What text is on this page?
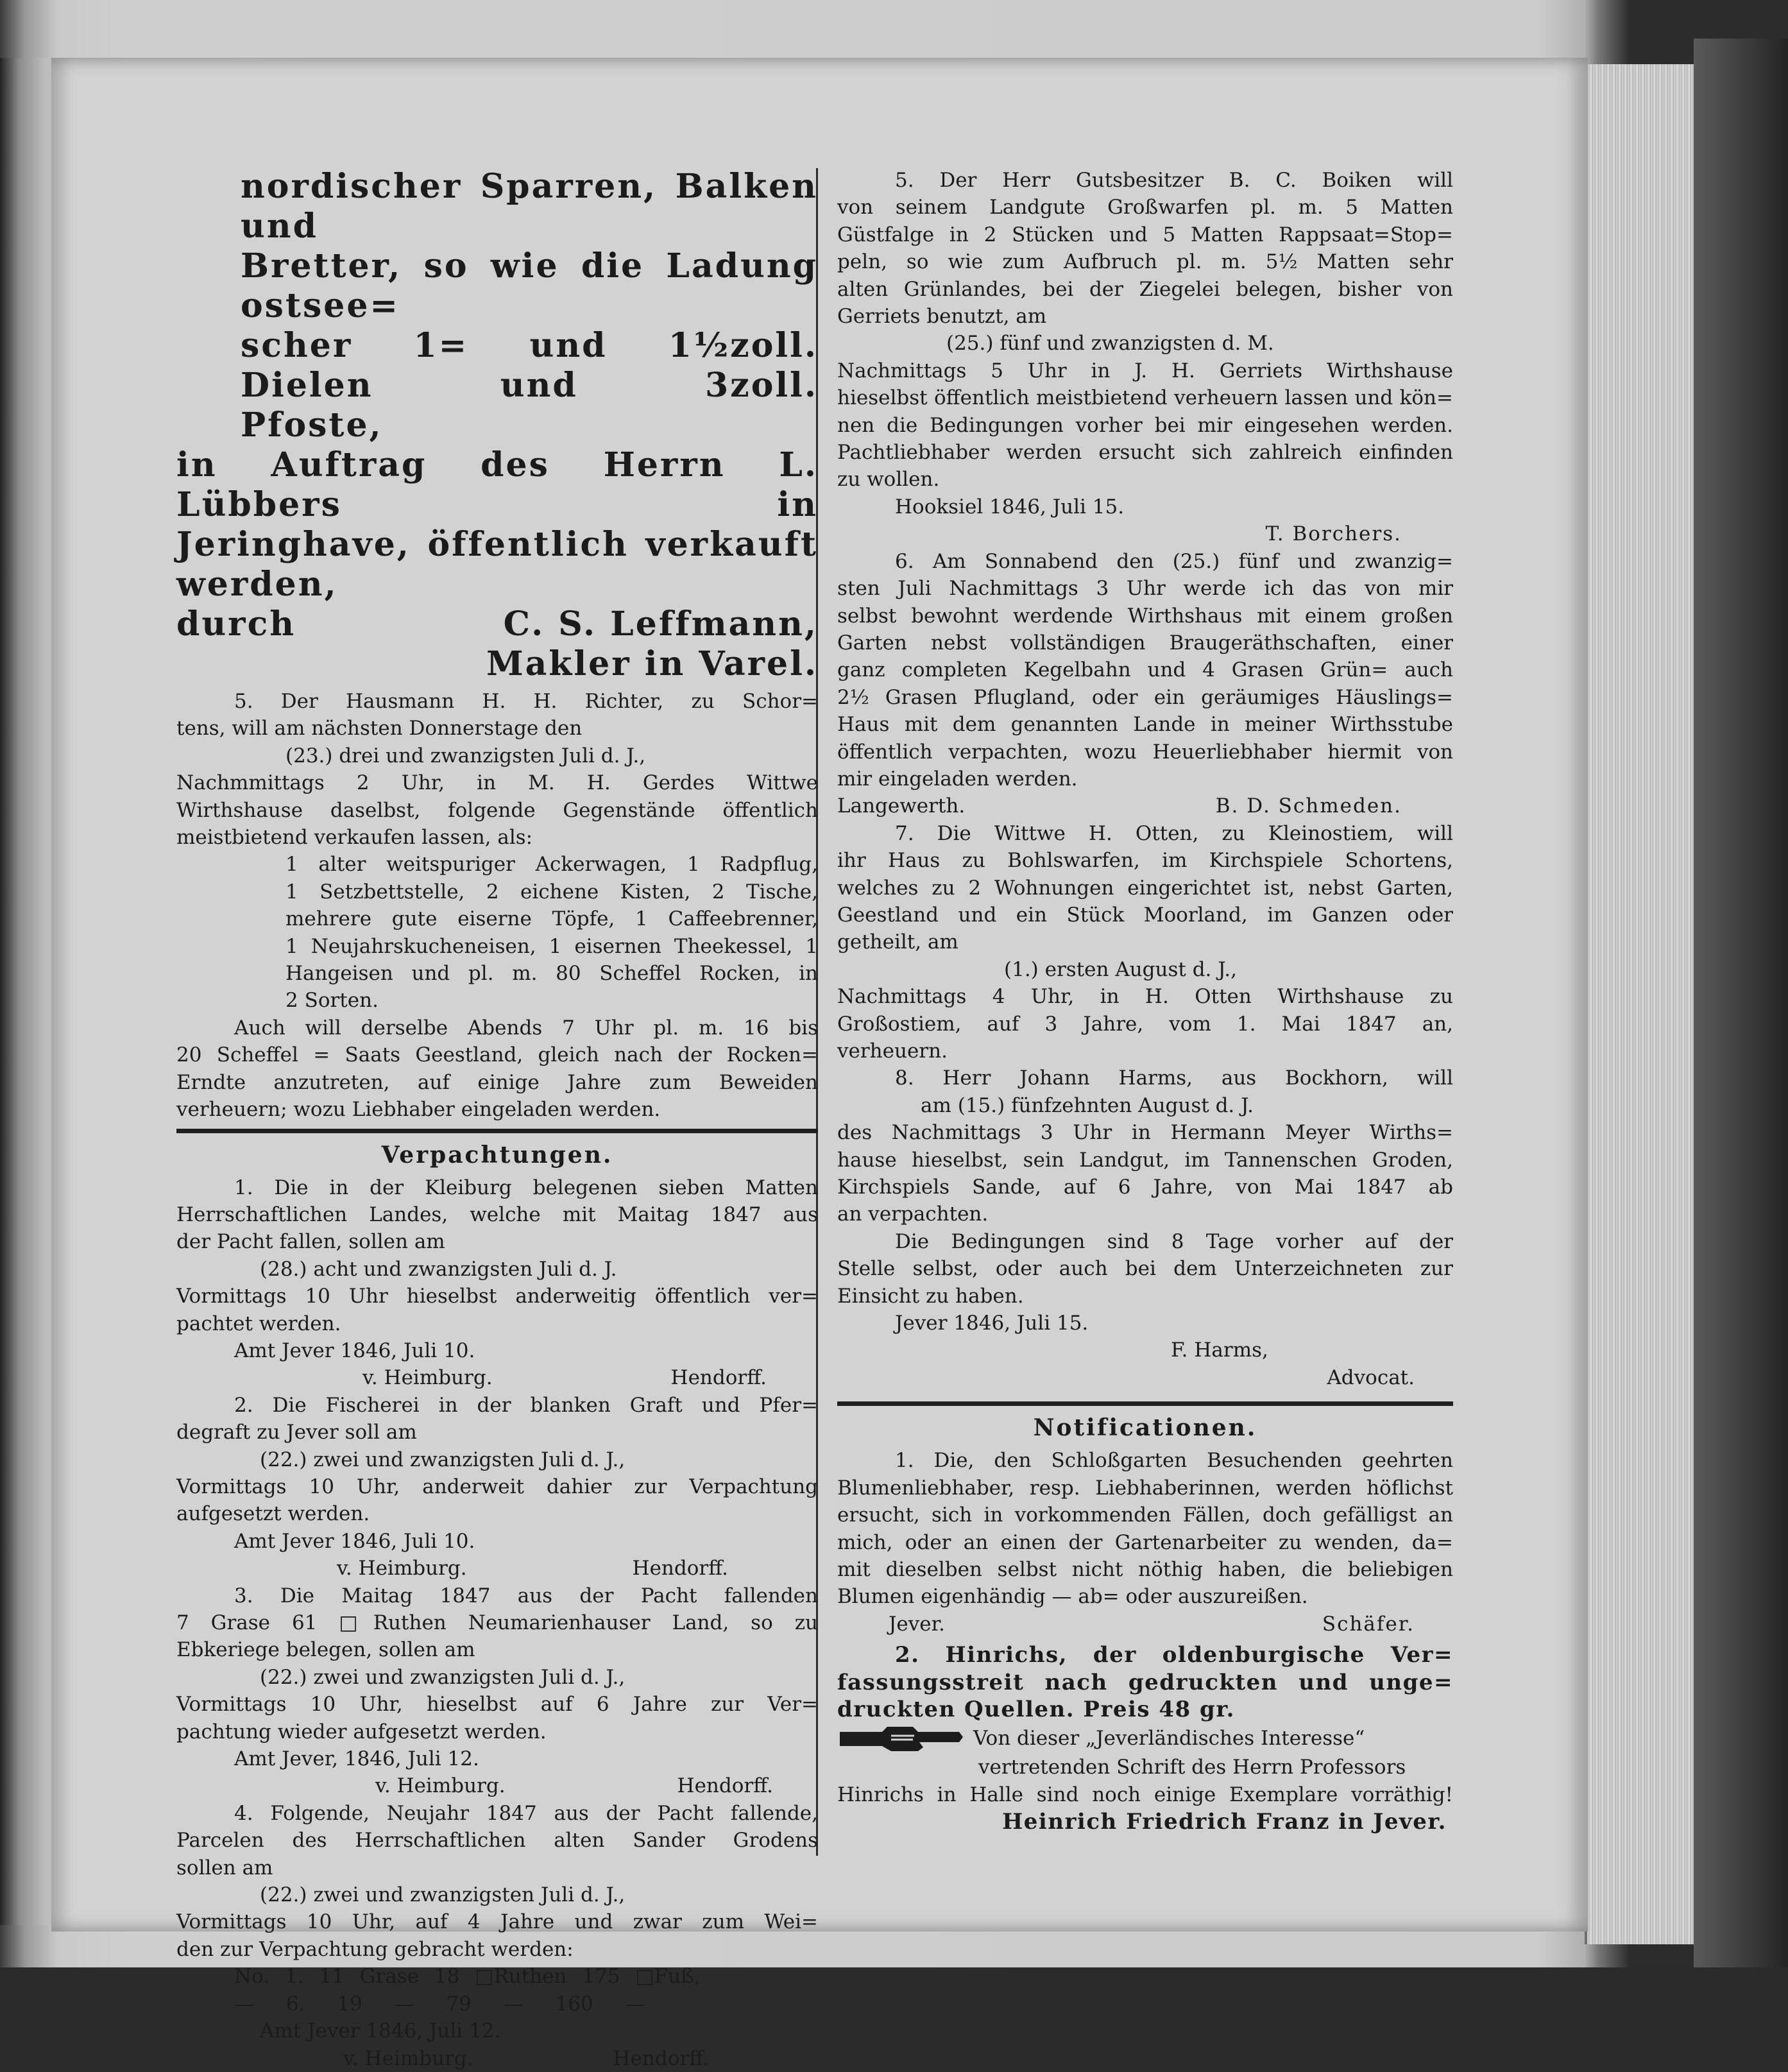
nordischer Sparren, Balken und
Bretter, so wie die Ladung ostsee=
scher 1= und 1½zoll. Dielen und 3zoll.
Pfoste,
in Auftrag des Herrn L. Lübbers in
Jeringhave, öffentlich verkauft werden,
durch	C. S. Leffmann,
Makler in Varel.
5. Der Hausmann H. H. Richter, zu Schor=
tens, will am nächsten Donnerstage den
(23.) drei und zwanzigsten Juli d. J.,
Nachmmittags 2 Uhr, in M. H. Gerdes Wittwe
Wirthshause daselbst, folgende Gegenstände öffentlich
meistbietend verkaufen lassen, als:
1 alter weitspuriger Ackerwagen, 1 Radpflug,
1 Setzbettstelle, 2 eichene Kisten, 2 Tische,
mehrere gute eiserne Töpfe, 1 Caffeebrenner,
1 Neujahrskucheneisen, 1 eisernen Theekessel, 1
Hangeisen und pl. m. 80 Scheffel Rocken, in
2 Sorten.
Auch will derselbe Abends 7 Uhr pl. m. 16 bis
20 Scheffel = Saats Geestland, gleich nach der Rocken=
Erndte anzutreten, auf einige Jahre zum Beweiden
verheuern; wozu Liebhaber eingeladen werden.
Verpachtungen.
1. Die in der Kleiburg belegenen sieben Matten
Herrschaftlichen Landes, welche mit Maitag 1847 aus
der Pacht fallen, sollen am
(28.) acht und zwanzigsten Juli d. J.
Vormittags 10 Uhr hieselbst anderweitig öffentlich ver=
pachtet werden.
Amt Jever 1846, Juli 10.
v. Heimburg.	Hendorff.
2. Die Fischerei in der blanken Graft und Pfer=
degraft zu Jever soll am
(22.) zwei und zwanzigsten Juli d. J.,
Vormittags 10 Uhr, anderweit dahier zur Verpachtung
aufgesetzt werden.
Amt Jever 1846, Juli 10.
v. Heimburg.	Hendorff.
3. Die Maitag 1847 aus der Pacht fallenden
7 Grase 61 □Ruthen Neumarienhauser Land, so zu
Ebkeriege belegen, sollen am
(22.) zwei und zwanzigsten Juli d. J.,
Vormittags 10 Uhr, hieselbst auf 6 Jahre zur Ver=
pachtung wieder aufgesetzt werden.
Amt Jever, 1846, Juli 12.
v. Heimburg.	Hendorff.
4. Folgende, Neujahr 1847 aus der Pacht fallende,
Parcelen des Herrschaftlichen alten Sander Grodens
sollen am
(22.) zwei und zwanzigsten Juli d. J.,
Vormittags 10 Uhr, auf 4 Jahre und zwar zum Wei=
den zur Verpachtung gebracht werden:
No. 1. 11 Grase 18 □Ruthen 175 □Fuß,
— 6. 19 — 79 — 160 —
Amt Jever 1846, Juli 12.
v. Heimburg.	Hendorff.
5. Der Herr Gutsbesitzer B. C. Boiken will
von seinem Landgute Großwarfen pl. m. 5 Matten
Güstfalge in 2 Stücken und 5 Matten Rappsaat=Stop=
peln, so wie zum Aufbruch pl. m. 5½ Matten sehr
alten Grünlandes, bei der Ziegelei belegen, bisher von
Gerriets benutzt, am
(25.) fünf und zwanzigsten d. M.
Nachmittags 5 Uhr in J. H. Gerriets Wirthshause
hieselbst öffentlich meistbietend verheuern lassen und kön=
nen die Bedingungen vorher bei mir eingesehen werden.
Pachtliebhaber werden ersucht sich zahlreich einfinden
zu wollen.
Hooksiel 1846, Juli 15.
T. Borchers.
6. Am Sonnabend den (25.) fünf und zwanzig=
sten Juli Nachmittags 3 Uhr werde ich das von mir
selbst bewohnt werdende Wirthshaus mit einem großen
Garten nebst vollständigen Braugeräthschaften, einer
ganz completen Kegelbahn und 4 Grasen Grün= auch
2½ Grasen Pflugland, oder ein geräumiges Häuslings=
Haus mit dem genannten Lande in meiner Wirthsstube
öffentlich verpachten, wozu Heuerliebhaber hiermit von
mir eingeladen werden.
Langewerth.	B. D. Schmeden.
7. Die Wittwe H. Otten, zu Kleinostiem, will
ihr Haus zu Bohlswarfen, im Kirchspiele Schortens,
welches zu 2 Wohnungen eingerichtet ist, nebst Garten,
Geestland und ein Stück Moorland, im Ganzen oder
getheilt, am
(1.) ersten August d. J.,
Nachmittags 4 Uhr, in H. Otten Wirthshause zu
Großostiem, auf 3 Jahre, vom 1. Mai 1847 an,
verheuern.
8. Herr Johann Harms, aus Bockhorn, will
am (15.) fünfzehnten August d. J.
des Nachmittags 3 Uhr in Hermann Meyer Wirths=
hause hieselbst, sein Landgut, im Tannenschen Groden,
Kirchspiels Sande, auf 6 Jahre, von Mai 1847 ab
an verpachten.
Die Bedingungen sind 8 Tage vorher auf der
Stelle selbst, oder auch bei dem Unterzeichneten zur
Einsicht zu haben.
Jever 1846, Juli 15.
F. Harms,
Advocat.
Notificationen.
1. Die, den Schloßgarten Besuchenden geehrten
Blumenliebhaber, resp. Liebhaberinnen, werden höflichst
ersucht, sich in vorkommenden Fällen, doch gefälligst an
mich, oder an einen der Gartenarbeiter zu wenden, da=
mit dieselben selbst nicht nöthig haben, die beliebigen
Blumen eigenhändig — ab= oder auszureißen.
Jever.	Schäfer.
2. Hinrichs, der oldenburgische Ver=
fassungsstreit nach gedruckten und unge=
druckten Quellen. Preis 48 gr.
Von dieser „Jeverländisches Interesse“
vertretenden Schrift des Herrn Professors
Hinrichs in Halle sind noch einige Exemplare vorräthig!
Heinrich Friedrich Franz in Jever.
